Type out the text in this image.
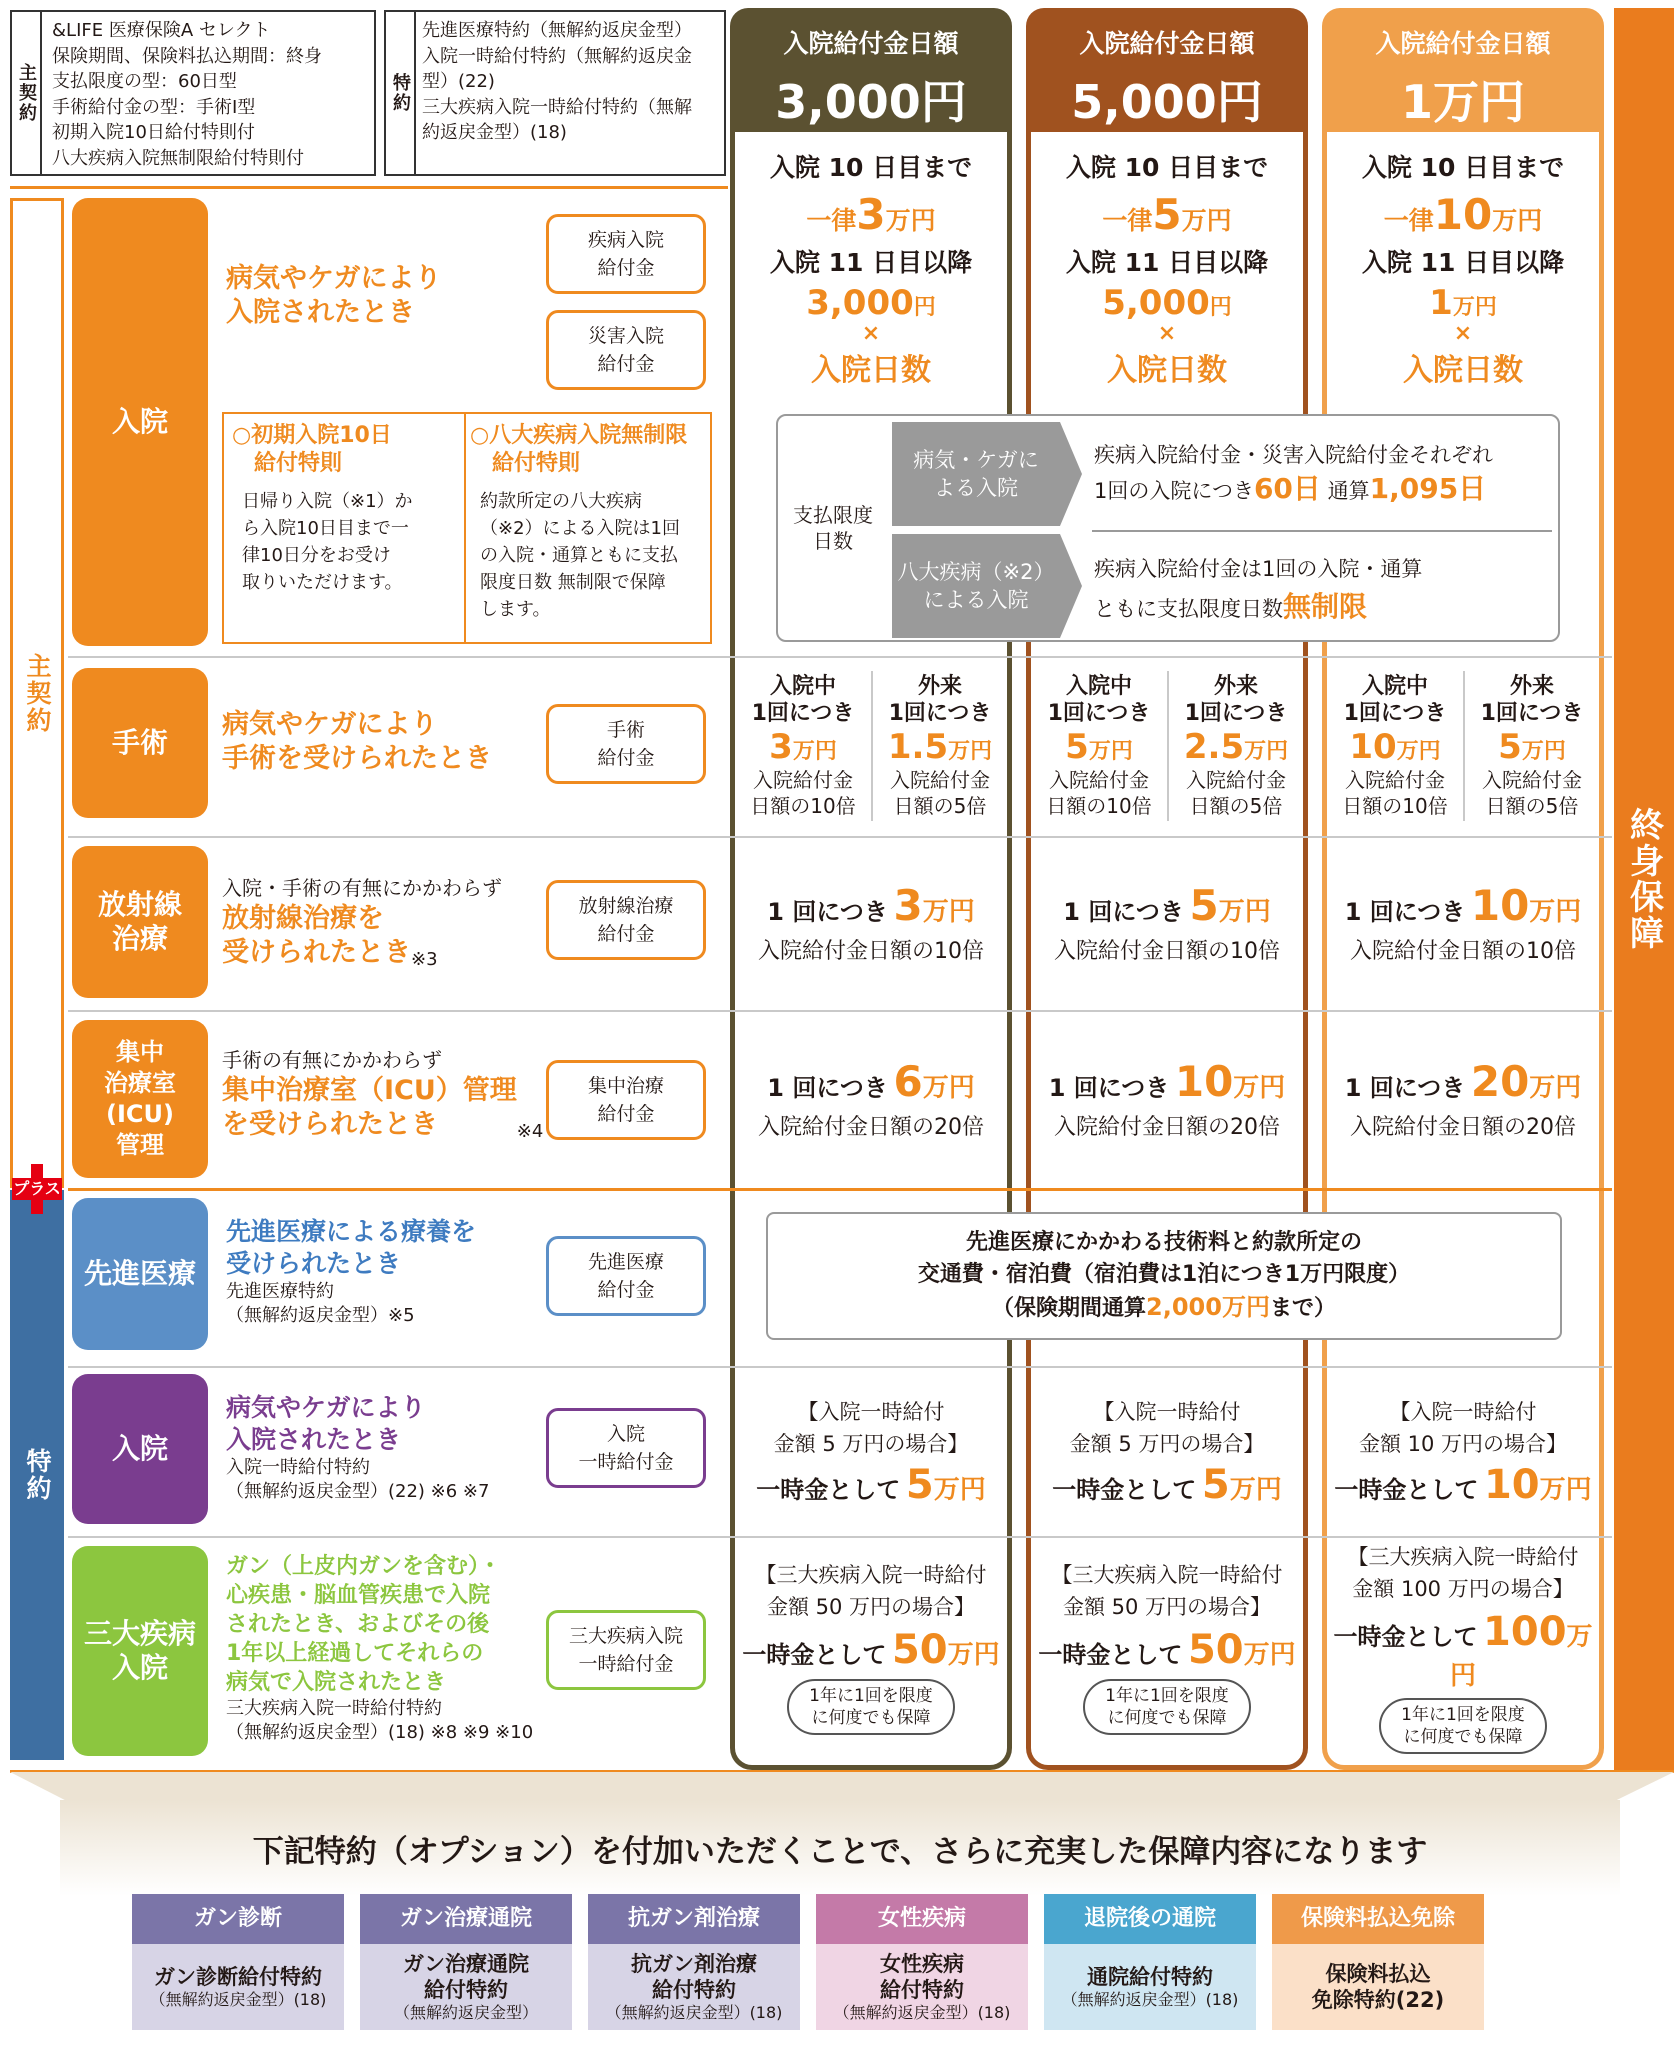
主契約
&LIFE 医療保険A セレクト
保険期間、保険料払込期間：終身
支払限度の型：60日型
手術給付金の型：手術I型
初期入院10日給付特則付
八大疾病入院無制限給付特則付
特約
先進医療特約（無解約返戻金型）
入院一時給付特約（無解約返戻金
型）(22)
三大疾病入院一時給付特約（無解
約返戻金型）(18)
入院給付金日額
3,000円
入院給付金日額
5,000円
入院給付金日額
1万円
終身保障
主契約
特約
プラス
入院
病気やケガにより
入院されたとき
疾病入院
給付金
災害入院
給付金
○初期入院10日
　給付特則
日帰り入院（※1）か
ら入院10日目まで一
律10日分をお受け
取りいただけます。
○八大疾病入院無制限
　給付特則
約款所定の八大疾病
（※2）による入院は1回
の入院・通算ともに支払
限度日数 無制限で保障
します。
入院 10 日目まで
一律3万円
入院 11 日目以降
3,000円
×
入院日数
入院 10 日目まで
一律5万円
入院 11 日目以降
5,000円
×
入院日数
入院 10 日目まで
一律10万円
入院 11 日目以降
1万円
×
入院日数
支払限度
日数
病気・ケガに
よる入院
疾病入院給付金・災害入院給付金それぞれ
1回の入院につき60日 通算1,095日
八大疾病（※2）
による入院
疾病入院給付金は1回の入院・通算
ともに支払限度日数無制限
手術
病気やケガにより
手術を受けられたとき
手術
給付金
入院中
1回につき
3万円
入院給付金
日額の10倍
外来
1回につき
1.5万円
入院給付金
日額の5倍
入院中
1回につき
5万円
入院給付金
日額の10倍
外来
1回につき
2.5万円
入院給付金
日額の5倍
入院中
1回につき
10万円
入院給付金
日額の10倍
外来
1回につき
5万円
入院給付金
日額の5倍
放射線
治療
入院・手術の有無にかかわらず
放射線治療を
受けられたとき※3
放射線治療
給付金
1 回につき 3万円
入院給付金日額の10倍
1 回につき 5万円
入院給付金日額の10倍
1 回につき 10万円
入院給付金日額の10倍
集中
治療室
(ICU)
管理
手術の有無にかかわらず
集中治療室（ICU）管理
を受けられたとき	※4
集中治療
給付金
1 回につき 6万円
入院給付金日額の20倍
1 回につき 10万円
入院給付金日額の20倍
1 回につき 20万円
入院給付金日額の20倍
先進医療
先進医療による療養を
受けられたとき
先進医療特約
（無解約返戻金型）※5
先進医療
給付金
先進医療にかかわる技術料と約款所定の
交通費・宿泊費（宿泊費は1泊につき1万円限度）
（保険期間通算2,000万円まで）
入院
病気やケガにより
入院されたとき
入院一時給付特約
（無解約返戻金型）(22) ※6 ※7
入院
一時給付金
【入院一時給付
金額 5 万円の場合】
一時金として 5万円
【入院一時給付
金額 5 万円の場合】
一時金として 5万円
【入院一時給付
金額 10 万円の場合】
一時金として 10万円
三大疾病
入院
ガン（上皮内ガンを含む）・
心疾患・脳血管疾患で入院
されたとき、およびその後
1年以上経過してそれらの
病気で入院されたとき
三大疾病入院一時給付特約
（無解約返戻金型）(18) ※8 ※9 ※10
三大疾病入院
一時給付金
【三大疾病入院一時給付
金額 50 万円の場合】
一時金として 50万円
1年に1回を限度
に何度でも保障
【三大疾病入院一時給付
金額 50 万円の場合】
一時金として 50万円
1年に1回を限度
に何度でも保障
【三大疾病入院一時給付
金額 100 万円の場合】
一時金として 100万円
1年に1回を限度
に何度でも保障
下記特約（オプション）を付加いただくことで、さらに充実した保障内容になります
ガン診断
ガン診断給付特約
（無解約返戻金型）(18)
ガン治療通院
ガン治療通院
給付特約
（無解約返戻金型）
抗ガン剤治療
抗ガン剤治療
給付特約
（無解約返戻金型）(18)
女性疾病
女性疾病
給付特約
（無解約返戻金型）(18)
退院後の通院
通院給付特約
（無解約返戻金型）(18)
保険料払込免除
保険料払込
免除特約(22)
